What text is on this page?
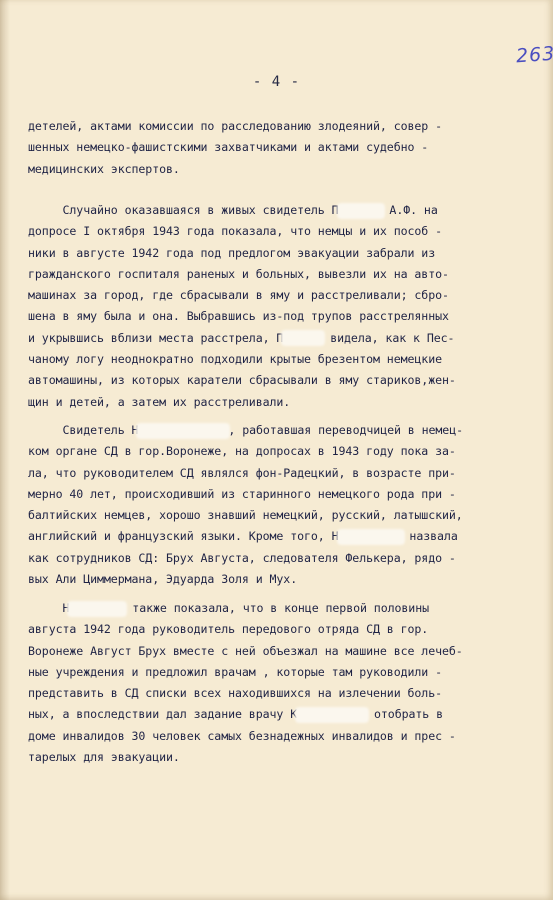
263
- 4 -
детелей, актами комиссии по расследованию злодеяний, совер -
шенных немецко-фашистскими захватчиками и актами судебно -
медицинских экспертов.
Случайно оказавшаяся в живых свидетель П	А.Ф. на
допросе I октября 1943 года показала, что немцы и их пособ -
ники в августе 1942 года под предлогом эвакуации забрали из
гражданского госпиталя раненых и больных, вывезли их на авто-
машинах за город, где сбрасывали в яму и расстреливали; сбро-
шена в яму была и она. Выбравшись из-под трупов расстрелянных
и укрывшись вблизи места расстрела, П	видела, как к Пес-
чаному логу неоднократно подходили крытые брезентом немецкие
автомашины, из которых каратели сбрасывали в яму стариков,жен-
щин и детей, а затем их расстреливали.
Свидетель Н	, работавшая переводчицей в немец-
ком органе СД в гор.Воронеже, на допросах в 1943 году пока за-
ла, что руководителем СД являлся фон-Радецкий, в возрасте при-
мерно 40 лет, происходивший из старинного немецкого рода при -
балтийских немцев, хорошо знавший немецкий, русский, латышский,
английский и французский языки. Кроме того, Н	назвала
как сотрудников СД: Брух Августа, следователя Фелькера, рядо -
вых Али Циммермана, Эдуарда Золя и Мух.
Н	также показала, что в конце первой половины
августа 1942 года руководитель передового отряда СД в гор.
Воронеже Август Брух вместе с ней объезжал на машине все лечеб-
ные учреждения и предложил врачам , которые там руководили -
представить в СД списки всех находившихся на излечении боль-
ных, а впоследствии дал задание врачу К	отобрать в
доме инвалидов 30 человек самых безнадежных инвалидов и прес -
тарелых для эвакуации.
